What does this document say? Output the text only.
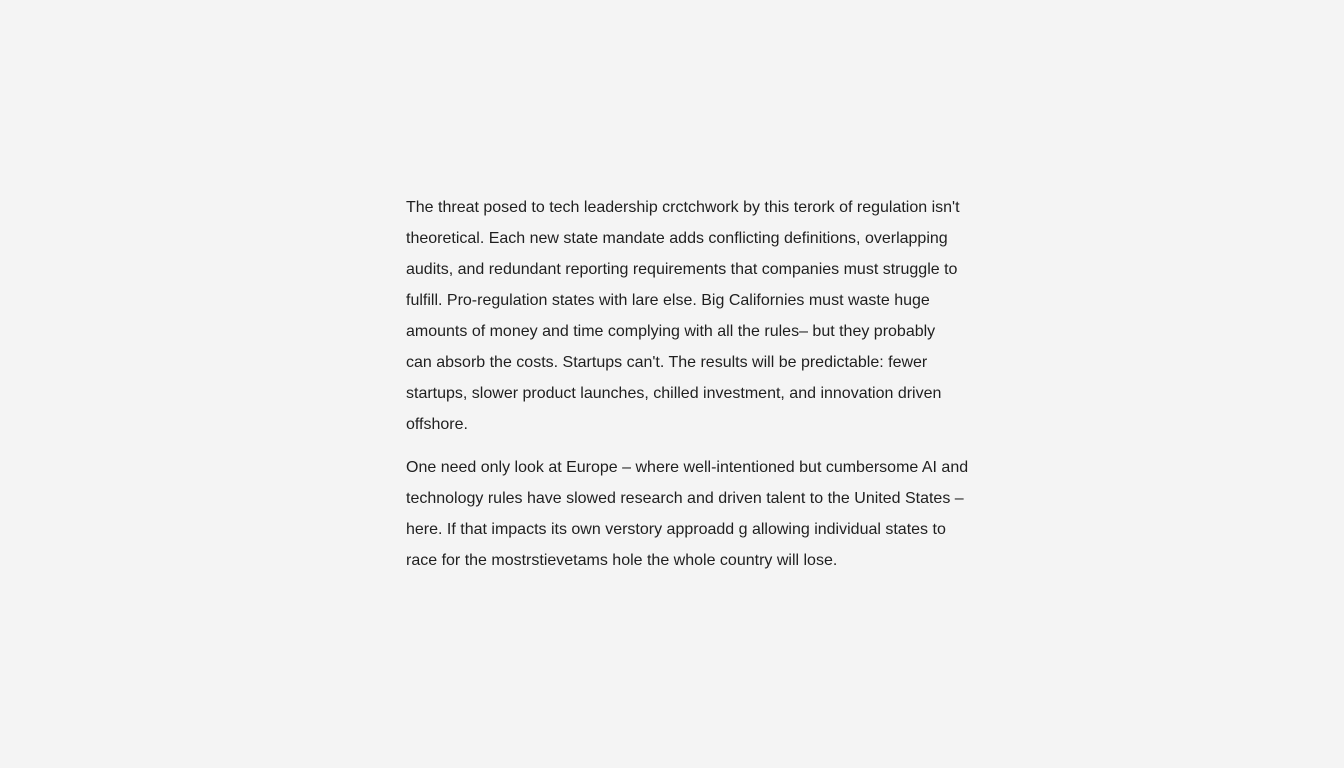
The threat posed to tech leadership crctchwork by this terork of regulation isn't
theoretical. Each new state mandate adds conflicting definitions, overlapping
audits, and redundant reporting requirements that companies must struggle to
fulfill. Pro-regulation states with lare else. Big Californies must waste huge
amounts of money and time complying with all the rules– but they probably
can absorb the costs. Startups can't. The results will be predictable: fewer
startups, slower product launches, chilled investment, and innovation driven
offshore.

One need only look at Europe – where well-intentioned but cumbersome AI and
technology rules have slowed research and driven talent to the United States –
here. If that impacts its own verstory approadd g allowing individual states to
race for the mostrstievetams hole the whole country will lose.
